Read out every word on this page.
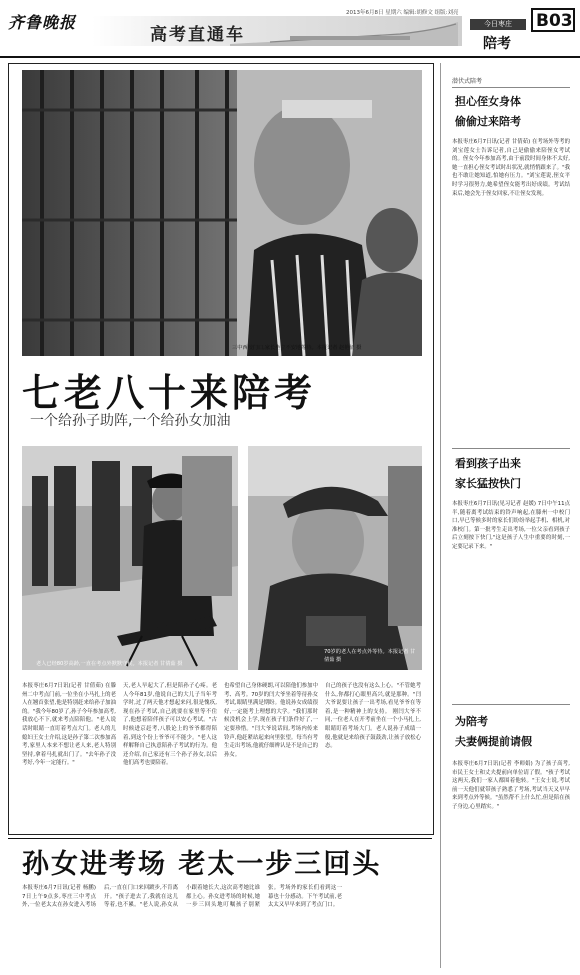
齐鲁晚报	2013年6月8日 星期六 编辑:胡修文 组版:刘亮	B03
高考直通车
今日枣庄
陪考
三中西校门口,家长坐立不安地等待。本报记者 赵艳征 摄
七老八十来陪考
一个给孙子助阵,一个给孙女加油
老人已经80岁高龄,一直在考点外默默守候。本报记者 甘倩茹 摄
70岁的老人在考点外等待。本报记者 甘倩茹 摄
本报枣庄6月7日讯(记者 甘倩茹) 在滕州二中考点门前,一位坐在小马扎上的老人在翘首张望,他是特别赶来给孙子加油的。"我今年80岁了,孙子今年参加高考,我放心不下,就来考点陪陪他。"老人说话时眼睛一直盯着考点大门。老人的儿媳妇王女士介绍,这是孙子第二次参加高考,家里人本来不想让老人来,老人特别坚持,拿着马扎就出门了。"去年孙子没考好,今年一定能行。"
天,老人早起大了,但是陪孙子心疼。老人今年81岁,他说自己的大儿子当年考学时,过了两天他才想起来问,很是愧疚,现在孙子考试,自己就要在家里等不住了,他想着陪伴孩子可以安心考试。"古时候进京赶考,八股论上的爷爷都得陪着,到这个份上爷爷可不能少。"老人这样解释自己执意陪孙子考试的行为。他还介绍,自己家还有三个孙子孙女,以后他们高考也要陪着。
也希望自己身体硬朗,可以陪他们参加中考、高考。70岁的闫大爷坐着等待孙女考试,眼睛里满是期盼。他说孙女成绩很好,一定能考上理想的大学。"我们那时候没机会上学,现在孩子们条件好了,一定要珍惜。"闫大爷说话间,考场内传来铃声,他赶紧站起来向里张望。每当有考生走出考场,他就仔细辨认是不是自己的孙女。
自己的孩子也没有这么上心。"不管她考什么,你都打心眼里高兴,就是那种。"闫大爷说要让孩子一出考场,看见爷爷在等着,是一种精神上的支持。 刚闫大爷不同,一位老人在开考前坐在一个小马扎上,眼睛盯着考场大门。老人说孙子成绩一般,他就是来给孩子鼓鼓劲,让孩子放松心态。
孙女进考场 老太一步三回头
本报枣庄6月7日讯(记者 杨鹏) 7日上午9点多,枣庄三中考点外,一位老太太在孙女进入考场后,一直在门口来回踱步,不肯离开。"孩子进去了,我就在这儿等着,也不累。"老人说,孙女从小跟着她长大,这次高考她比谁都上心。孙女进考场的时候,她一步三回头地叮嘱孩子别紧张。考场外的家长们看到这一幕也十分感动。下午考试前,老太太又早早来到了考点门口。
潜伏式陪考
担心侄女身体
偷偷过来陪考
本报枣庄6月7日讯(记者 甘倩茹) 在考场外等考的刘宝莲女士告诉记者,自己是偷偷来陪侄女考试的。侄女今年参加高考,由于前段时间身体不太好,她一直担心侄女考试时出状况,就悄悄跟来了。"我也不敢让她知道,怕她有压力。"刘宝莲说,侄女平时学习很努力,她希望侄女能考出好成绩。考试结束后,她会先于侄女回家,不让侄女发现。
看到孩子出来
家长猛按快门
本报枣庄6月7日讯(见习记者 赵媛) 7日中午11点半,随着离考试结束的铃声响起,在滕州一中校门口,早已等候多时的家长们纷纷举起手机、相机,对准校门。第一批考生走出考场,一位父亲看到孩子后立刻按下快门,"这是孩子人生中重要的时刻,一定要记录下来。"
为陪考
夫妻俩提前请假
本报枣庄6月7日讯(记者 李师娟) 为了孩子高考,市民王女士和丈夫提前向单位请了假。"孩子考试这两天,我们一家人都围着他转。"王女士说,考试前一天他们就带孩子熟悉了考场,考试当天又早早来到考点外等候。"虽然帮不上什么忙,但是陪在孩子身边,心里踏实。"
